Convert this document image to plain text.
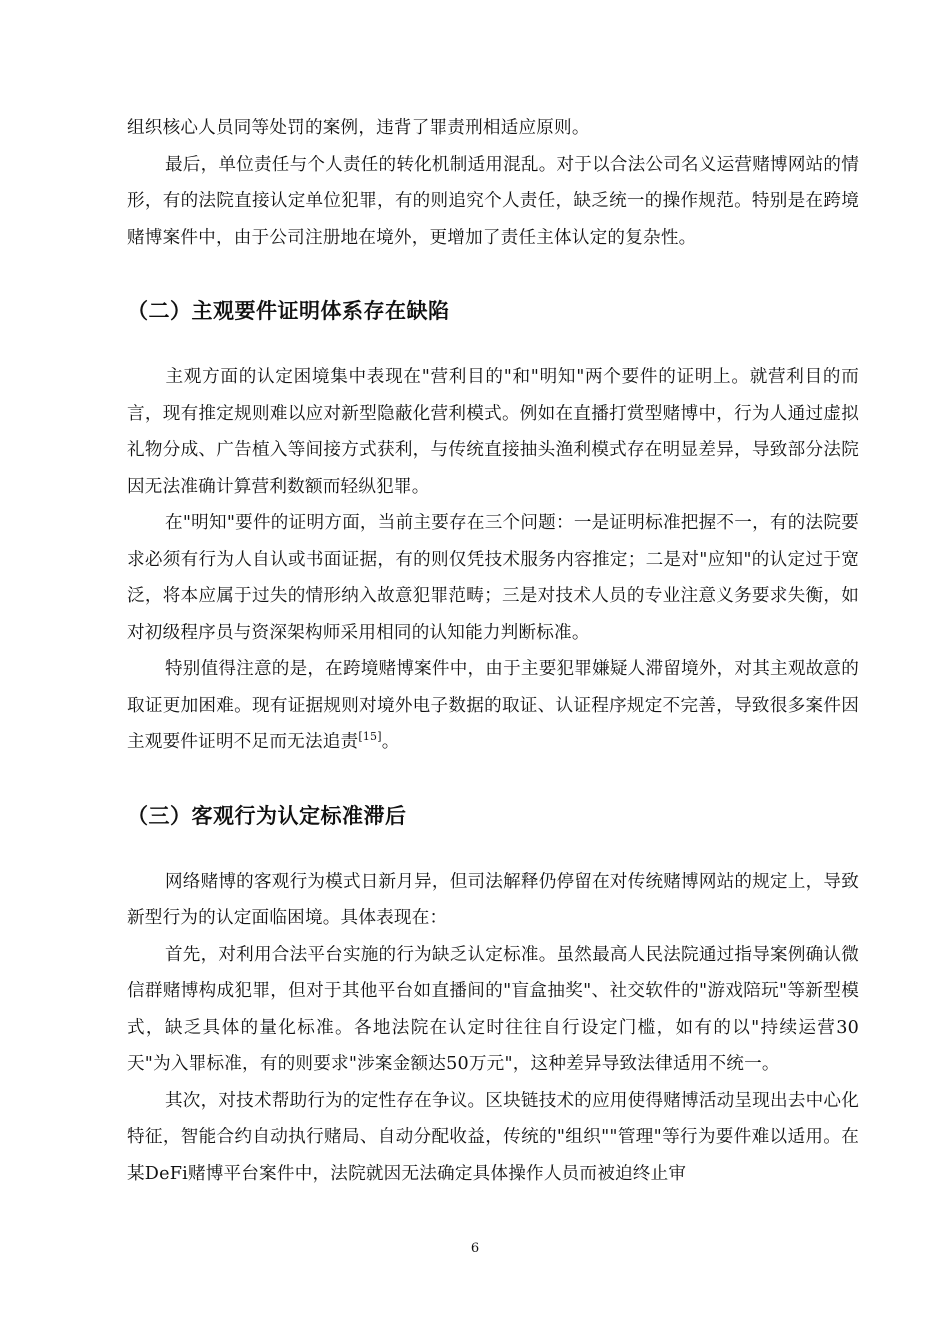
组织核心人员同等处罚的案例，违背了罪责刑相适应原则。

最后，单位责任与个人责任的转化机制适用混乱。对于以合法公司名义运营赌博网站的情形，有的法院直接认定单位犯罪，有的则追究个人责任，缺乏统一的操作规范。特别是在跨境赌博案件中，由于公司注册地在境外，更增加了责任主体认定的复杂性。

（二）主观要件证明体系存在缺陷

主观方面的认定困境集中表现在"营利目的"和"明知"两个要件的证明上。就营利目的而言，现有推定规则难以应对新型隐蔽化营利模式。例如在直播打赏型赌博中，行为人通过虚拟礼物分成、广告植入等间接方式获利，与传统直接抽头渔利模式存在明显差异，导致部分法院因无法准确计算营利数额而轻纵犯罪。

在"明知"要件的证明方面，当前主要存在三个问题：一是证明标准把握不一，有的法院要求必须有行为人自认或书面证据，有的则仅凭技术服务内容推定；二是对"应知"的认定过于宽泛，将本应属于过失的情形纳入故意犯罪范畴；三是对技术人员的专业注意义务要求失衡，如对初级程序员与资深架构师采用相同的认知能力判断标准。

特别值得注意的是，在跨境赌博案件中，由于主要犯罪嫌疑人滞留境外，对其主观故意的取证更加困难。现有证据规则对境外电子数据的取证、认证程序规定不完善，导致很多案件因主观要件证明不足而无法追责[15]。

（三）客观行为认定标准滞后

网络赌博的客观行为模式日新月异，但司法解释仍停留在对传统赌博网站的规定上，导致新型行为的认定面临困境。具体表现在：

首先，对利用合法平台实施的行为缺乏认定标准。虽然最高人民法院通过指导案例确认微信群赌博构成犯罪，但对于其他平台如直播间的"盲盒抽奖"、社交软件的"游戏陪玩"等新型模式，缺乏具体的量化标准。各地法院在认定时往往自行设定门槛，如有的以"持续运营30天"为入罪标准，有的则要求"涉案金额达50万元"，这种差异导致法律适用不统一。

其次，对技术帮助行为的定性存在争议。区块链技术的应用使得赌博活动呈现出去中心化特征，智能合约自动执行赌局、自动分配收益，传统的"组织""管理"等行为要件难以适用。在某DeFi赌博平台案件中，法院就因无法确定具体操作人员而被迫终止审

6
